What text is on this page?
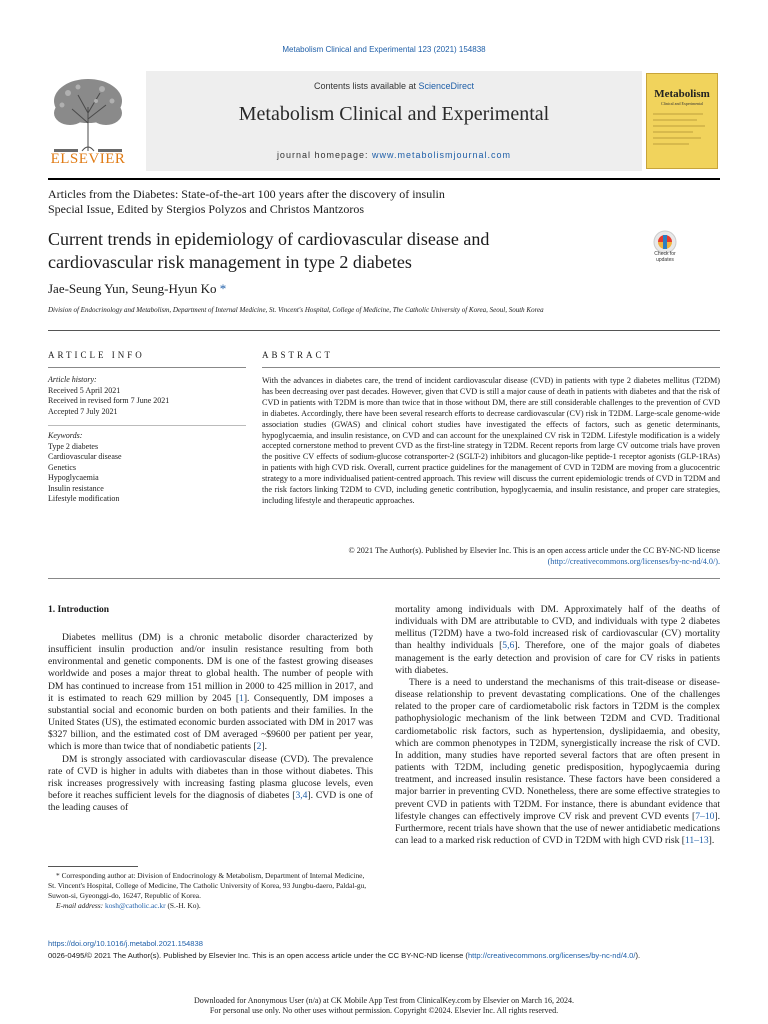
Metabolism Clinical and Experimental 123 (2021) 154838
ELSEVIER
Contents lists available at ScienceDirect
Metabolism Clinical and Experimental
journal homepage: www.metabolismjournal.com
Metabolism
Clinical and Experimental
Articles from the Diabetes: State-of-the-art 100 years after the discovery of insulin
Special Issue, Edited by Stergios Polyzos and Christos Mantzoros
Current trends in epidemiology of cardiovascular disease and
cardiovascular risk management in type 2 diabetes	Check for updates
Jae-Seung Yun, Seung-Hyun Ko *
Division of Endocrinology and Metabolism, Department of Internal Medicine, St. Vincent's Hospital, College of Medicine, The Catholic University of Korea, Seoul, South Korea
ARTICLE INFO	ABSTRACT
Article history:
Received 5 April 2021
Received in revised form 7 June 2021
Accepted 7 July 2021
Keywords:
Type 2 diabetes
Cardiovascular disease
Genetics
Hypoglycaemia
Insulin resistance
Lifestyle modification
With the advances in diabetes care, the trend of incident cardiovascular disease (CVD) in patients with type 2 diabetes mellitus (T2DM) has been decreasing over past decades. However, given that CVD is still a major cause of death in patients with diabetes and that the risk of CVD in patients with T2DM is more than twice that in those without DM, there are still considerable challenges to the prevention of CVD in diabetes. Accordingly, there have been several research efforts to decrease cardiovascular (CV) risk in T2DM. Large-scale genome-wide association studies (GWAS) and clinical cohort studies have investigated the effects of factors, such as genetic determinants, hypoglycaemia, and insulin resistance, on CVD and can account for the unexplained CV risk in T2DM. Lifestyle modification is a widely accepted cornerstone method to prevent CVD as the first-line strategy in T2DM. Recent reports from large CV outcome trials have proven the positive CV effects of sodium-glucose cotransporter-2 (SGLT-2) inhibitors and glucagon-like peptide-1 receptor agonists (GLP-1RAs) in patients with high CVD risk. Overall, current practice guidelines for the management of CVD in T2DM are moving from a glucocentric strategy to a more individualised patient-centred approach. This review will discuss the current epidemiologic trends of CVD in T2DM and the risk factors linking T2DM to CVD, including genetic contribution, hypoglycaemia, and insulin resistance, and proper care strategies, including lifestyle and therapeutic approaches.
© 2021 The Author(s). Published by Elsevier Inc. This is an open access article under the CC BY-NC-ND license
(http://creativecommons.org/licenses/by-nc-nd/4.0/).
1. Introduction

Diabetes mellitus (DM) is a chronic metabolic disorder characterized by insufficient insulin production and/or insulin resistance resulting from both environmental and genetic components. DM is one of the fastest growing diseases worldwide and poses a major threat to global health. The number of people with DM has continued to increase from 151 million in 2000 to 425 million in 2017, and it is estimated to reach 629 million by 2045 [1]. Consequently, DM imposes a substantial social and economic burden on both patients and their families. In the United States (US), the estimated economic burden associated with DM in 2017 was $327 billion, and the estimated cost of DM averaged ~$9600 per patient per year, which is more than twice that of nondiabetic patients [2].

DM is strongly associated with cardiovascular disease (CVD). The prevalence rate of CVD is higher in adults with diabetes than in those without diabetes. This risk increases progressively with increasing fasting plasma glucose levels, even before it reaches sufficient levels for the diagnosis of diabetes [3,4]. CVD is one of the leading causes of

mortality among individuals with DM. Approximately half of the deaths of individuals with DM are attributable to CVD, and individuals with type 2 diabetes mellitus (T2DM) have a two-fold increased risk of cardiovascular (CV) mortality than healthy individuals [5,6]. Therefore, one of the major goals of diabetes management is the early detection and provision of care for CV risks in patients with diabetes.

There is a need to understand the mechanisms of this trait-disease or disease-disease relationship to prevent devastating complications. One of the challenges related to the proper care of cardiometabolic risk factors in T2DM is the complex pathophysiologic mechanism of the link between T2DM and CVD. Traditional cardiometabolic risk factors, such as hypertension, dyslipidaemia, and obesity, which are common phenotypes in T2DM, synergistically increase the risk of CVD. In addition, many studies have reported several factors that are often present in patients with T2DM, including genetic predisposition, hypoglycaemia during treatment, and increased insulin resistance. These factors have been considered a major barrier in preventing CVD. Nonetheless, there are some effective strategies to prevent CVD in patients with T2DM. For instance, there is abundant evidence that lifestyle changes can effectively improve CV risk and prevent CVD events [7–10]. Furthermore, recent trials have shown that the use of newer antidiabetic medications can lead to a marked risk reduction of CVD in T2DM with high CVD risk [11–13].

* Corresponding author at: Division of Endocrinology & Metabolism, Department of Internal Medicine, St. Vincent's Hospital, College of Medicine, The Catholic University of Korea, 93 Jungbu-daero, Paldal-gu, Suwon-si, Gyeonggi-do, 16247, Republic of Korea.
E-mail address: kosh@catholic.ac.kr (S.-H. Ko).
https://doi.org/10.1016/j.metabol.2021.154838
0026-0495/© 2021 The Author(s). Published by Elsevier Inc. This is an open access article under the CC BY-NC-ND license (http://creativecommons.org/licenses/by-nc-nd/4.0/).
Downloaded for Anonymous User (n/a) at CK Mobile App Test from ClinicalKey.com by Elsevier on March 16, 2024.
For personal use only. No other uses without permission. Copyright ©2024. Elsevier Inc. All rights reserved.
